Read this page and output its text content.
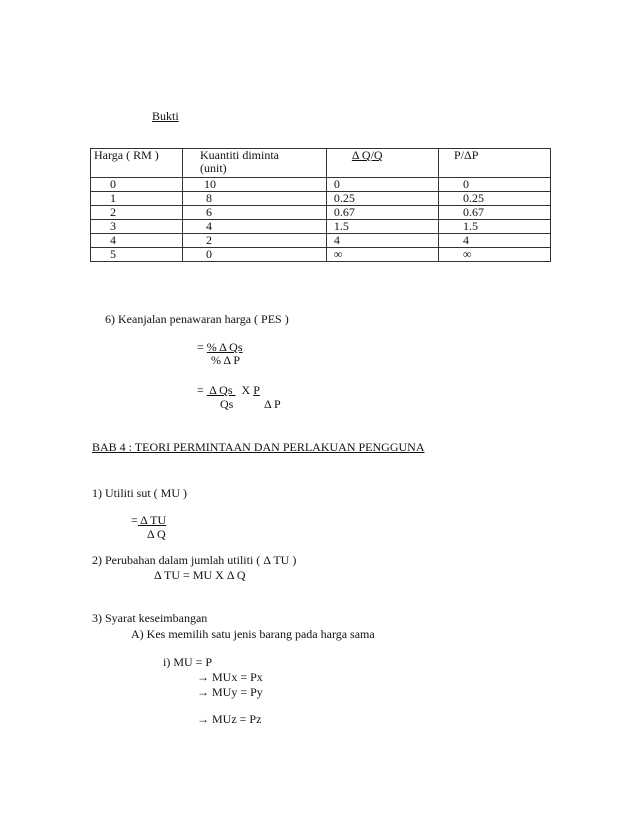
Bukti
Harga ( RM )	Kuantiti diminta (unit)	Δ Q/Q	P/ΔP
0	10	0	0
1	8	0.25	0.25
2	6	0.67	0.67
3	4	1.5	1.5
4	2	4	4
5	0	∞	∞
6) Keanjalan penawaran harga ( PES )
= % Δ Qs
% Δ P
=  Δ Qs   X P
Qs	Δ P
BAB 4 : TEORI PERMINTAAN DAN PERLAKUAN PENGGUNA
1) Utiliti sut ( MU )
= Δ TU
Δ Q
2) Perubahan dalam jumlah utiliti ( Δ TU )
Δ TU = MU X Δ Q
3) Syarat keseimbangan
A) Kes memilih satu jenis barang pada harga sama
i) MU = P
→ MUx = Px
→ MUy = Py
→ MUz = Pz
